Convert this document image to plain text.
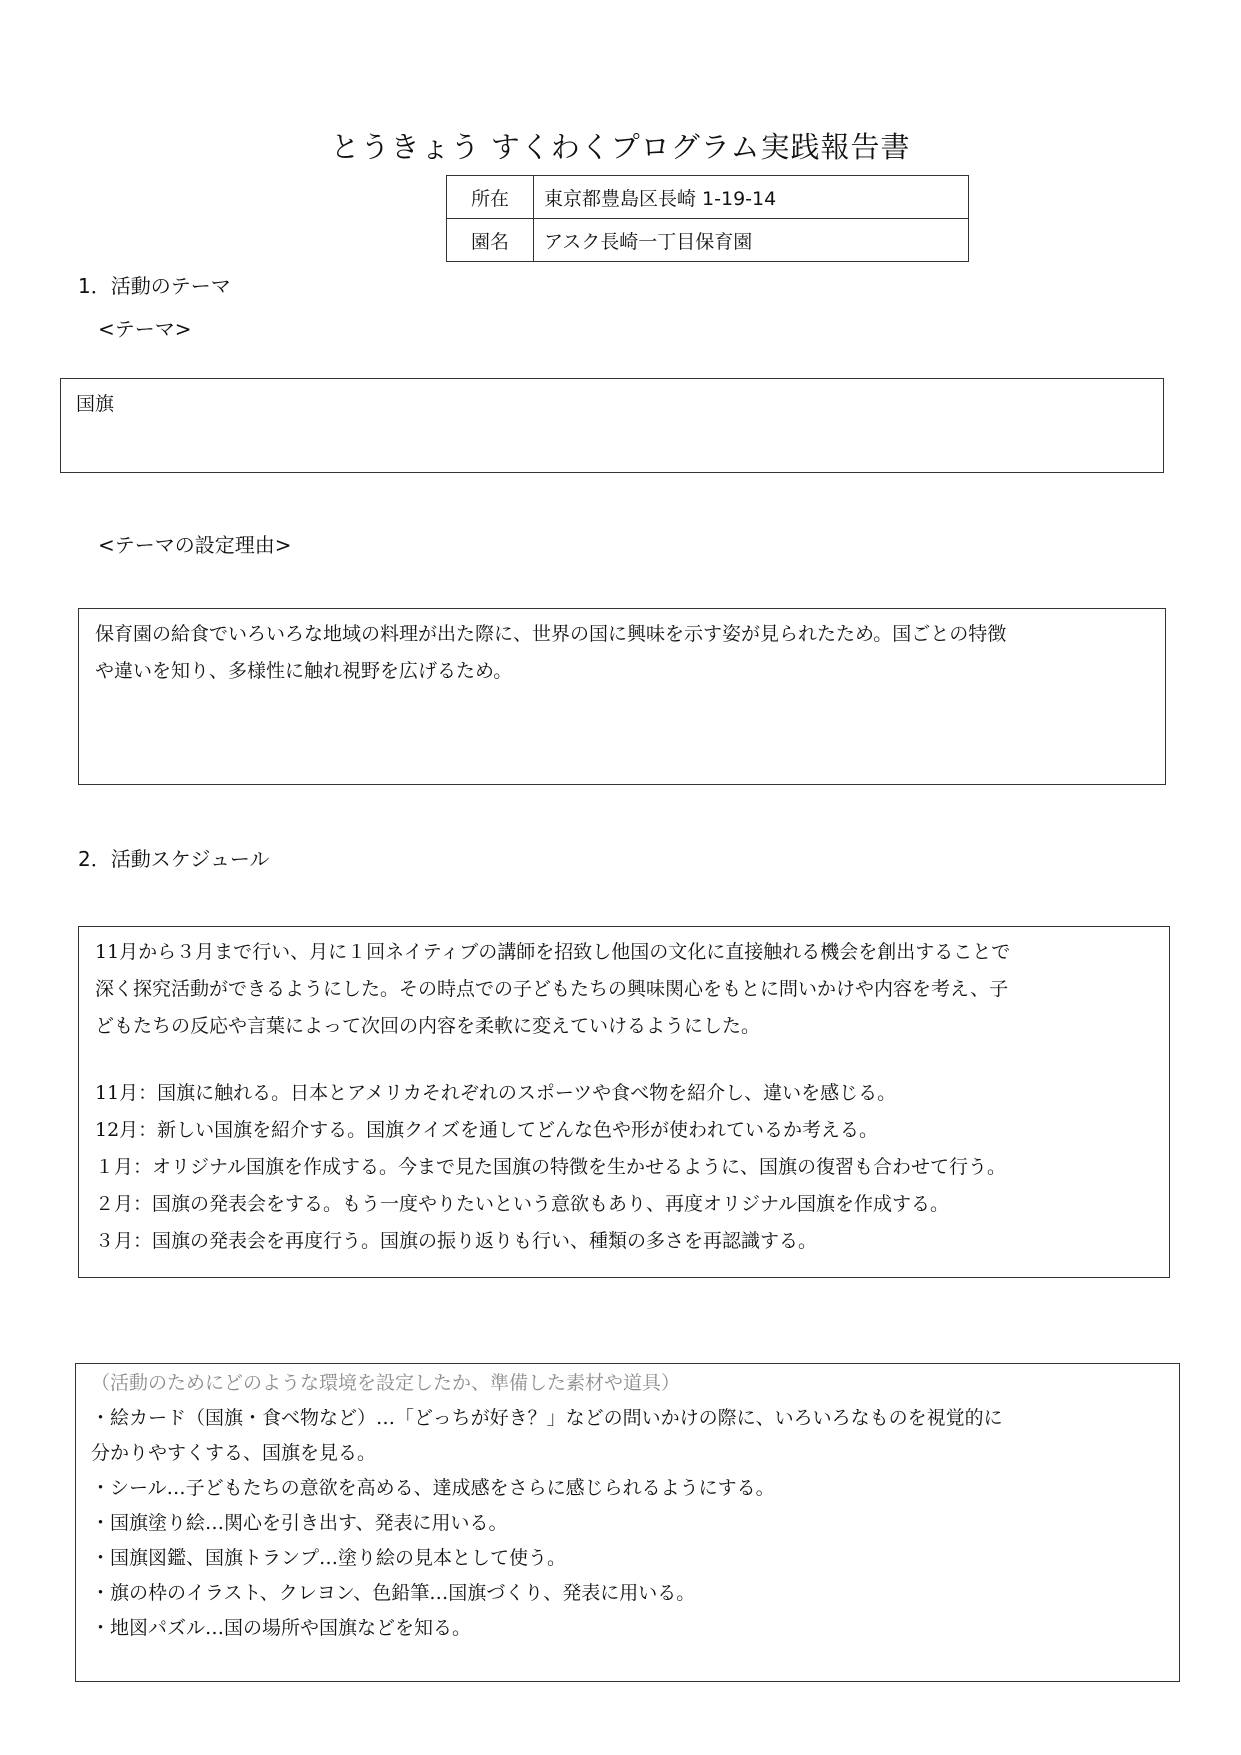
とうきょう すくわくプログラム実践報告書
所在	東京都豊島区長崎 1-19-14
園名	アスク長崎一丁目保育園
1．活動のテーマ
<テーマ>
国旗
<テーマの設定理由>
保育園の給食でいろいろな地域の料理が出た際に、世界の国に興味を示す姿が見られたため。国ごとの特徴
や違いを知り、多様性に触れ視野を広げるため。
2．活動スケジュール
11月から３月まで行い、月に１回ネイティブの講師を招致し他国の文化に直接触れる機会を創出することで
深く探究活動ができるようにした。その時点での子どもたちの興味関心をもとに問いかけや内容を考え、子
どもたちの反応や言葉によって次回の内容を柔軟に変えていけるようにした。
11月：国旗に触れる。日本とアメリカそれぞれのスポーツや食べ物を紹介し、違いを感じる。
12月：新しい国旗を紹介する。国旗クイズを通してどんな色や形が使われているか考える。
１月：オリジナル国旗を作成する。今まで見た国旗の特徴を生かせるように、国旗の復習も合わせて行う。
２月：国旗の発表会をする。もう一度やりたいという意欲もあり、再度オリジナル国旗を作成する。
３月：国旗の発表会を再度行う。国旗の振り返りも行い、種類の多さを再認識する。
（活動のためにどのような環境を設定したか、準備した素材や道具）
・絵カード（国旗・食べ物など）…「どっちが好き？」などの問いかけの際に、いろいろなものを視覚的に
分かりやすくする、国旗を見る。
・シール…子どもたちの意欲を高める、達成感をさらに感じられるようにする。
・国旗塗り絵…関心を引き出す、発表に用いる。
・国旗図鑑、国旗トランプ…塗り絵の見本として使う。
・旗の枠のイラスト、クレヨン、色鉛筆…国旗づくり、発表に用いる。
・地図パズル…国の場所や国旗などを知る。
